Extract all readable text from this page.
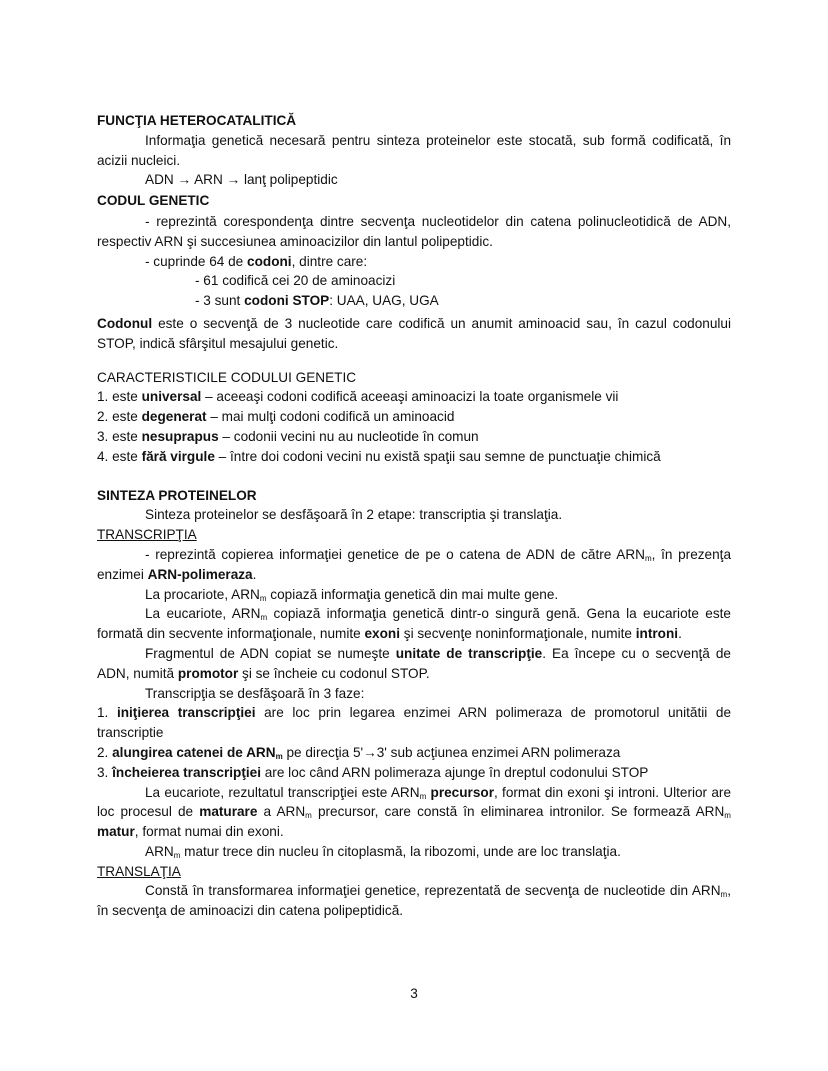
FUNCŢIA HETEROCATALITICĂ

Informaţia genetică necesară pentru sinteza proteinelor este stocată, sub formă codificată, în acizii nucleici.

ADN → ARN → lanţ polipeptidic

CODUL GENETIC

- reprezintă corespondenţa dintre secvenţa nucleotidelor din catena polinucleotidică de ADN, respectiv ARN şi succesiunea aminoacizilor din lantul polipeptidic.

- cuprinde 64 de codoni, dintre care:

- 61 codifică cei 20 de aminoacizi

- 3 sunt codoni STOP: UAA, UAG, UGA

Codonul este o secvenţă de 3 nucleotide care codifică un anumit aminoacid sau, în cazul codonului STOP, indică sfârşitul mesajului genetic.

CARACTERISTICILE CODULUI GENETIC

1. este universal – aceeaşi codoni codifică aceeaşi aminoacizi la toate organismele vii

2. este degenerat – mai mulţi codoni codifică un aminoacid

3. este nesuprapus – codonii vecini nu au nucleotide în comun

4. este fără virgule – între doi codoni vecini nu există spaţii sau semne de punctuaţie chimică

SINTEZA PROTEINELOR

Sinteza proteinelor se desfăşoară în 2 etape: transcriptia şi translaţia.

TRANSCRIPŢIA

- reprezintă copierea informaţiei genetice de pe o catena de ADN de către $ARN_m$, în prezenţa enzimei ARN-polimeraza.

La procariote, $ARN_m$ copiază informaţia genetică din mai multe gene.

La eucariote, $ARN_m$ copiază informaţia genetică dintr-o singură genă. Gena la eucariote este formată din secvente informaţionale, numite exoni şi secvenţe noninformaţionale, numite introni.

Fragmentul de ADN copiat se numeşte unitate de transcripţie. Ea începe cu o secvenţă de ADN, numită promotor şi se încheie cu codonul STOP.

Transcripţia se desfăşoară în 3 faze:

1. iniţierea transcripţiei are loc prin legarea enzimei ARN polimeraza de promotorul unitătii de transcriptie

2. alungirea catenei de $ARN_m$ pe direcţia 5'→3' sub acţiunea enzimei ARN polimeraza

3. încheierea transcripţiei are loc când ARN polimeraza ajunge în dreptul codonului STOP

La eucariote, rezultatul transcripţiei este $ARN_m$ precursor, format din exoni şi introni. Ulterior are loc procesul de maturare a $ARN_m$ precursor, care constă în eliminarea intronilor. Se formează $ARN_m$ matur, format numai din exoni.

$ARN_m$ matur trece din nucleu în citoplasmă, la ribozomi, unde are loc translaţia.

TRANSLAŢIA

Constă în transformarea informaţiei genetice, reprezentată de secvenţa de nucleotide din $ARN_m$, în secvenţa de aminoacizi din catena polipeptidică.

3
